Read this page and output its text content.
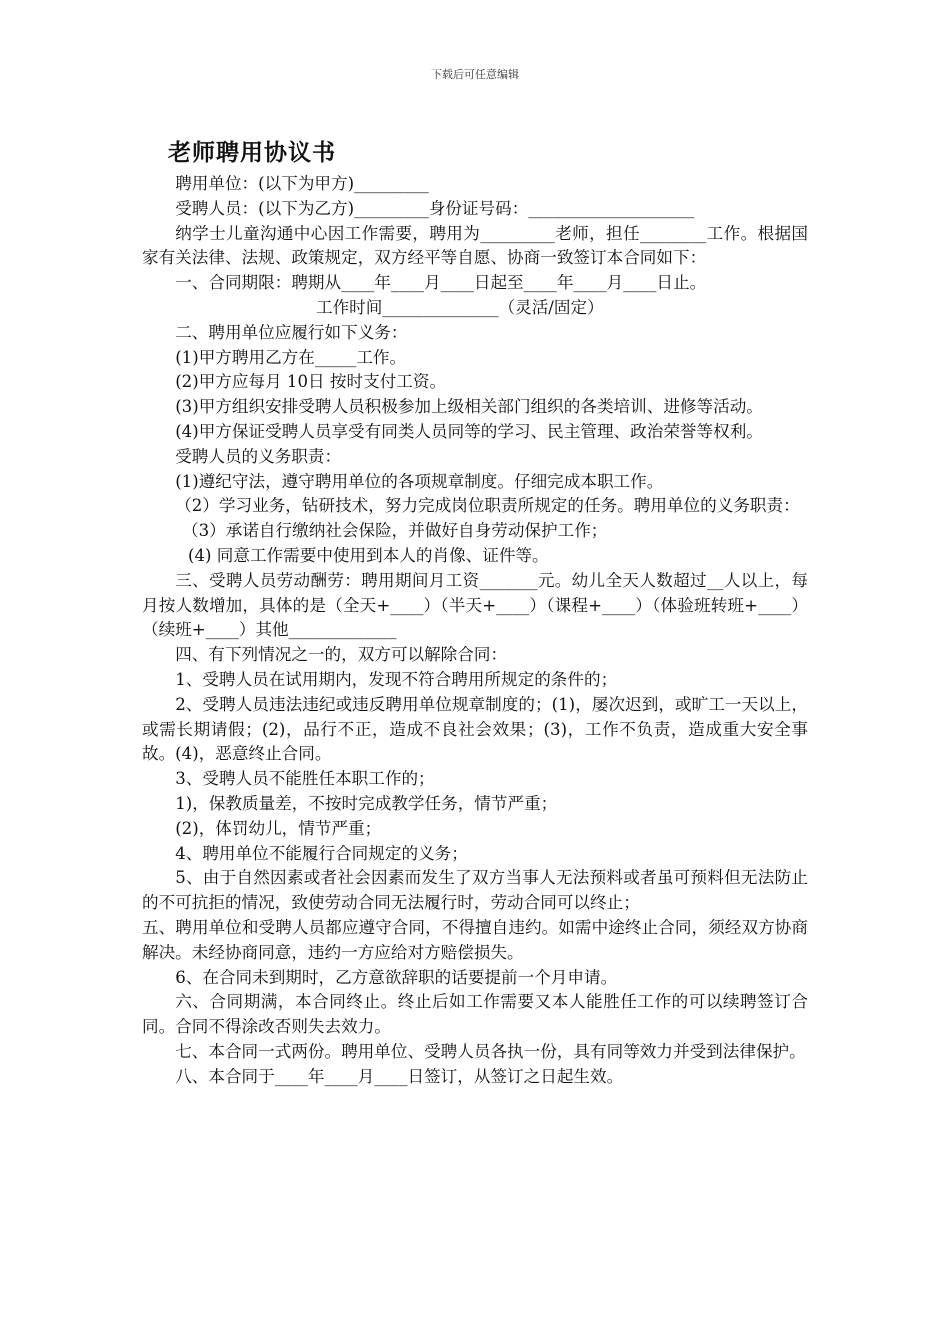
下载后可任意编辑
老师聘用协议书

聘用单位：(以下为甲方)_________

受聘人员：(以下为乙方)_________身份证号码：____________________

纳学士儿童沟通中心因工作需要，聘用为_________老师，担任________工作。根据国家有关法律、法规、政策规定，双方经平等自愿、协商一致签订本合同如下：

一、合同期限：聘期从____年____月____日起至____年____月____日止。

工作时间______________（灵活/固定）

二、聘用单位应履行如下义务：

(1)甲方聘用乙方在_____工作。

(2)甲方应每月 10日 按时支付工资。

(3)甲方组织安排受聘人员积极参加上级相关部门组织的各类培训、进修等活动。

(4)甲方保证受聘人员享受有同类人员同等的学习、民主管理、政治荣誉等权利。

受聘人员的义务职责：

(1)遵纪守法，遵守聘用单位的各项规章制度。仔细完成本职工作。

（2）学习业务，钻研技术，努力完成岗位职责所规定的任务。聘用单位的义务职责：

（3）承诺自行缴纳社会保险，并做好自身劳动保护工作；

(4) 同意工作需要中使用到本人的肖像、证件等。

三、受聘人员劳动酬劳：聘用期间月工资_______元。幼儿全天人数超过__人以上，每月按人数增加，具体的是（全天+____）（半天+____）（课程+____）（体验班转班+____）（续班+____）其他_____________

四、有下列情况之一的，双方可以解除合同：

1、受聘人员在试用期内，发现不符合聘用所规定的条件的；

2、受聘人员违法违纪或违反聘用单位规章制度的；(1)，屡次迟到，或旷工一天以上，或需长期请假；(2)，品行不正，造成不良社会效果；(3)，工作不负责，造成重大安全事故。(4)，恶意终止合同。

3、受聘人员不能胜任本职工作的；

1)，保教质量差，不按时完成教学任务，情节严重；

(2)，体罚幼儿，情节严重；

4、聘用单位不能履行合同规定的义务；

5、由于自然因素或者社会因素而发生了双方当事人无法预料或者虽可预料但无法防止的不可抗拒的情况，致使劳动合同无法履行时，劳动合同可以终止；

五、聘用单位和受聘人员都应遵守合同，不得擅自违约。如需中途终止合同，须经双方协商解决。未经协商同意，违约一方应给对方赔偿损失。

6、在合同未到期时，乙方意欲辞职的话要提前一个月申请。

六、合同期满，本合同终止。终止后如工作需要又本人能胜任工作的可以续聘签订合同。合同不得涂改否则失去效力。

七、本合同一式两份。聘用单位、受聘人员各执一份，具有同等效力并受到法律保护。

八、本合同于____年____月____日签订，从签订之日起生效。
